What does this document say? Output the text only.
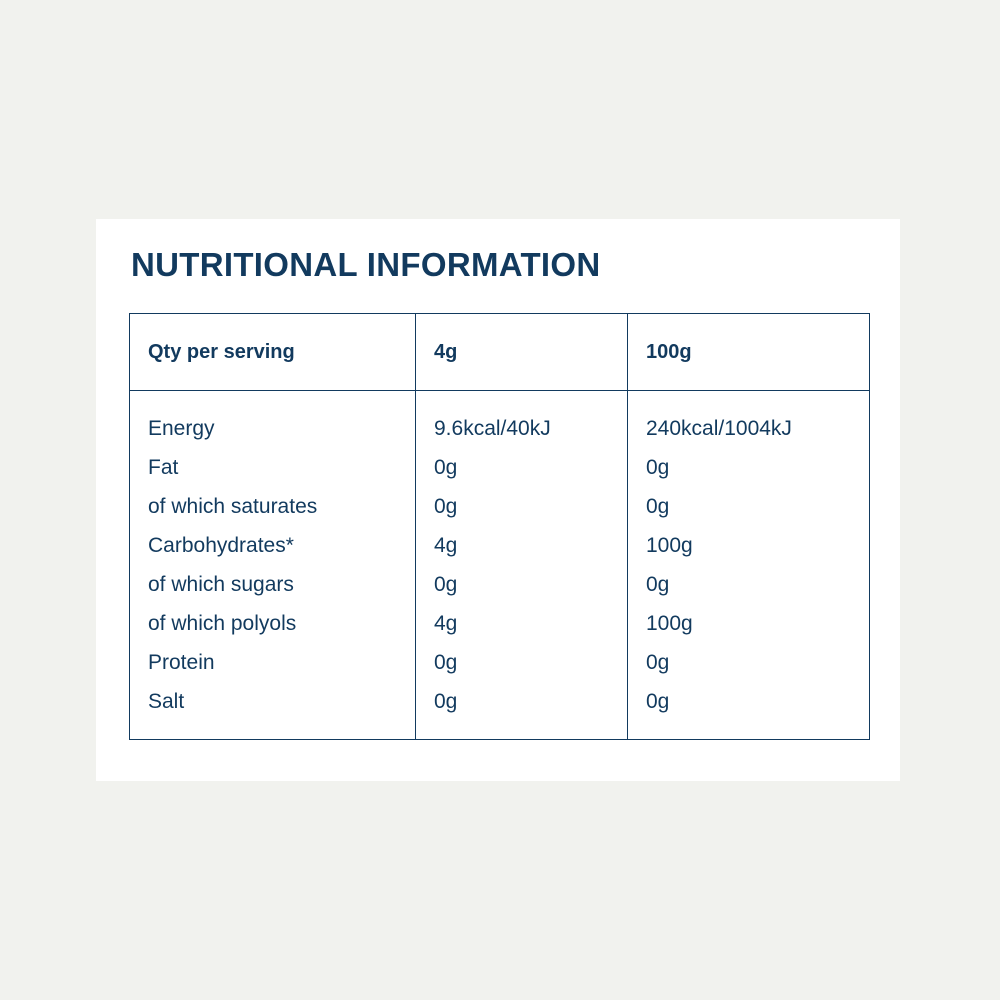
NUTRITIONAL INFORMATION
Qty per serving	4g	100g
Energy	9.6kcal/40kJ	240kcal/1004kJ
Fat	0g	0g
of which saturates	0g	0g
Carbohydrates*	4g	100g
of which sugars	0g	0g
of which polyols	4g	100g
Protein	0g	0g
Salt	0g	0g
